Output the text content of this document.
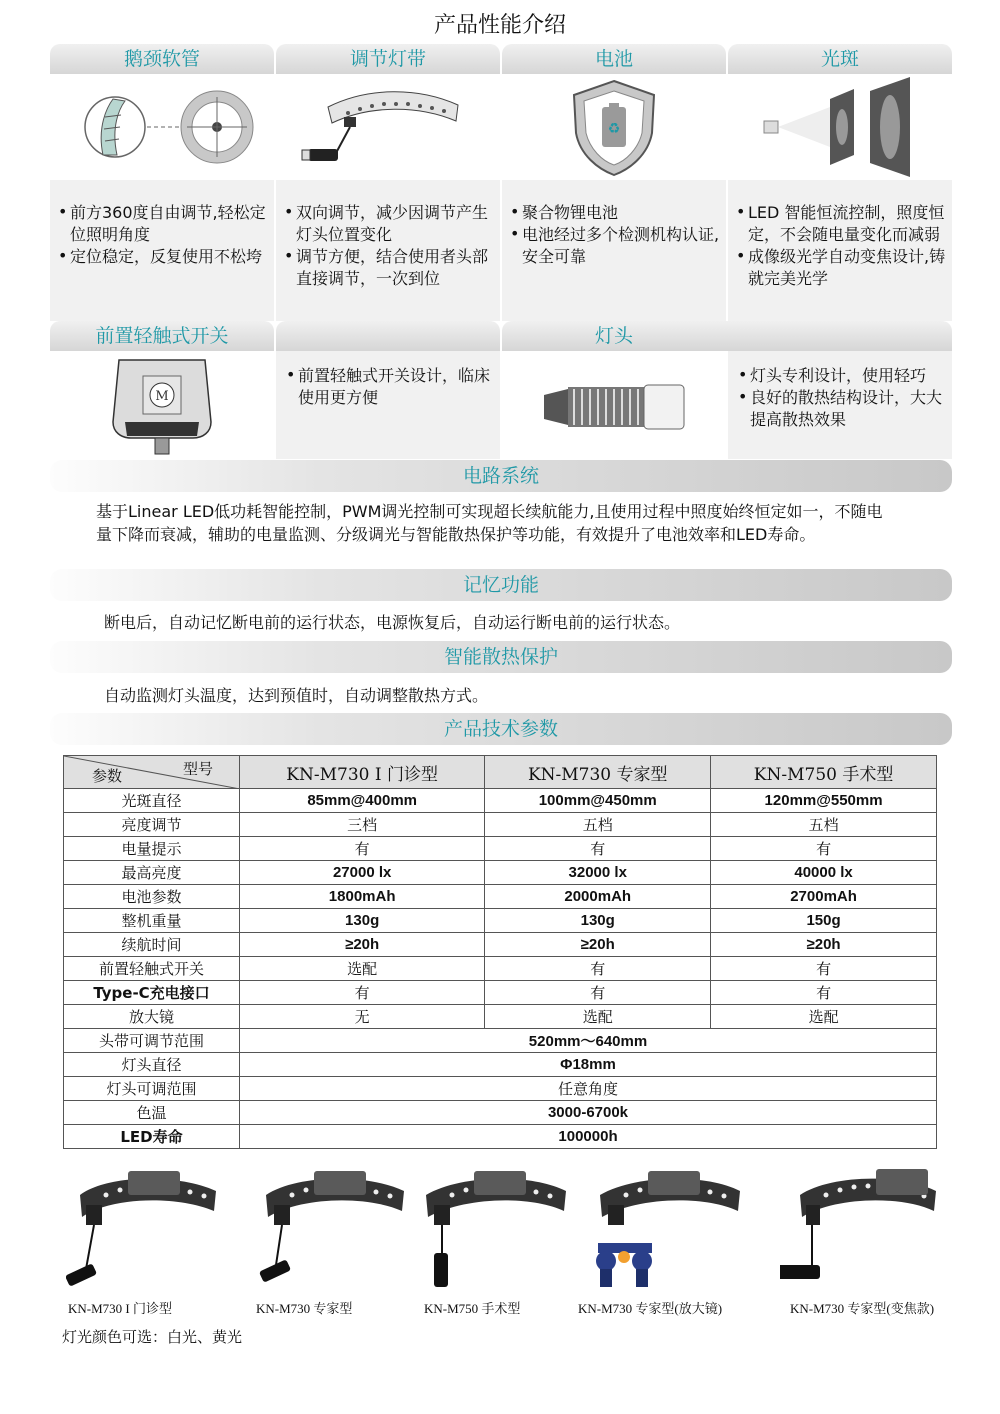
产品性能介绍
鹅颈软管	调节灯带	电池	光斑
♻
• 前方360度自由调节,轻松定位照明角度
• 定位稳定，反复使用不松垮
• 双向调节，减少因调节产生灯头位置变化
• 调节方便，结合使用者头部直接调节，一次到位
• 聚合物锂电池
• 电池经过多个检测机构认证,安全可靠
• LED 智能恒流控制，照度恒定，不会随电量变化而减弱
• 成像级光学自动变焦设计,铸就完美光学
前置轻触式开关	灯头
M
• 前置轻触式开关设计，临床使用更方便
• 灯头专利设计，使用轻巧
• 良好的散热结构设计，大大提高散热效果
电路系统
基于Linear LED低功耗智能控制，PWM调光控制可实现超长续航能力,且使用过程中照度始终恒定如一，不随电量下降而衰减，辅助的电量监测、分级调光与智能散热保护等功能，有效提升了电池效率和LED寿命。
记忆功能
断电后，自动记忆断电前的运行状态，电源恢复后，自动运行断电前的运行状态。
智能散热保护
自动监测灯头温度，达到预值时，自动调整散热方式。
产品技术参数
型号
参数	KN-M730 I 门诊型	KN-M730 专家型	KN-M750 手术型
光斑直径	85mm@400mm	100mm@450mm	120mm@550mm
亮度调节	三档	五档	五档
电量提示	有	有	有
最高亮度	27000 lx	32000 lx	40000 lx
电池参数	1800mAh	2000mAh	2700mAh
整机重量	130g	130g	150g
续航时间	≥20h	≥20h	≥20h
前置轻触式开关	选配	有	有
Type-C充电接口	有	有	有
放大镜	无	选配	选配
头带可调节范围	520mm～640mm		
灯头直径	Φ18mm		
灯头可调范围	任意角度		
色温	3000-6700k		
LED寿命	100000h		
KN-M730 I 门诊型	KN-M730 专家型	KN-M750 手术型	KN-M730 专家型(放大镜)	KN-M730 专家型(变焦款)
灯光颜色可选：白光、黄光
